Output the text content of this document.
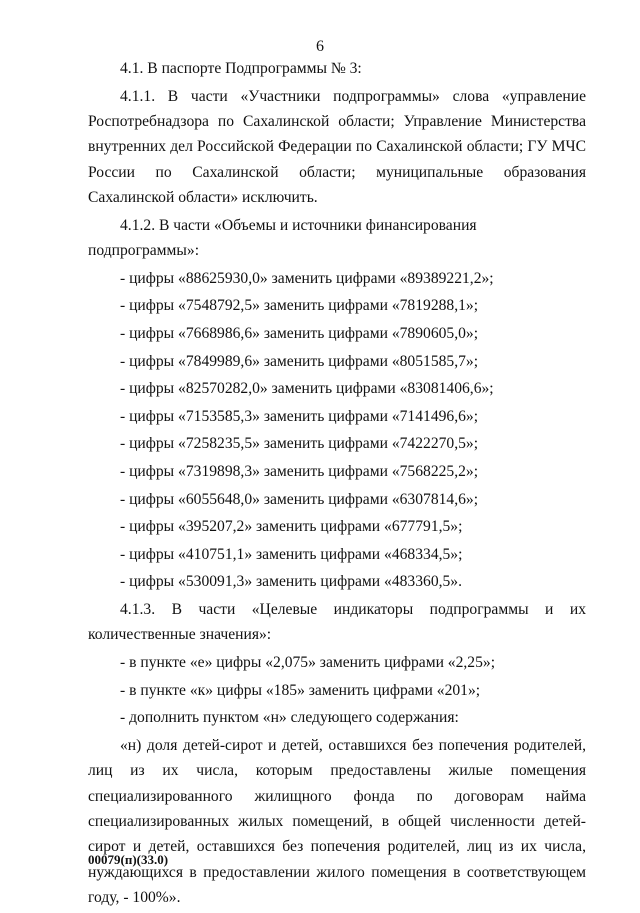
6

4.1. В паспорте Подпрограммы № 3:

4.1.1. В части «Участники подпрограммы» слова «управление Роспотребнадзора по Сахалинской области; Управление Министерства внутренних дел Российской Федерации по Сахалинской области; ГУ МЧС России по Сахалинской области; муниципальные образования Сахалинской области» исключить.

4.1.2. В части «Объемы и источники финансирования подпрограммы»:

- цифры «88625930,0» заменить цифрами «89389221,2»;

- цифры «7548792,5» заменить цифрами «7819288,1»;

- цифры «7668986,6» заменить цифрами «7890605,0»;

- цифры «7849989,6» заменить цифрами «8051585,7»;

- цифры «82570282,0» заменить цифрами «83081406,6»;

- цифры «7153585,3» заменить цифрами «7141496,6»;

- цифры «7258235,5» заменить цифрами «7422270,5»;

- цифры «7319898,3» заменить цифрами «7568225,2»;

- цифры «6055648,0» заменить цифрами «6307814,6»;

- цифры «395207,2» заменить цифрами «677791,5»;

- цифры «410751,1» заменить цифрами «468334,5»;

- цифры «530091,3» заменить цифрами «483360,5».

4.1.3. В части «Целевые индикаторы подпрограммы и их количественные значения»:

- в пункте «е» цифры «2,075» заменить цифрами «2,25»;

- в пункте «к» цифры «185» заменить цифрами «201»;

- дополнить пунктом «н» следующего содержания:

«н) доля детей-сирот и детей, оставшихся без попечения родителей, лиц из их числа, которым предоставлены жилые помещения специализированного жилищного фонда по договорам найма специализированных жилых помещений, в общей численности детей-сирот и детей, оставшихся без попечения родителей, лиц из их числа, нуждающихся в предоставлении жилого помещения в соответствующем году, - 100%».

00079(п)(33.0)
